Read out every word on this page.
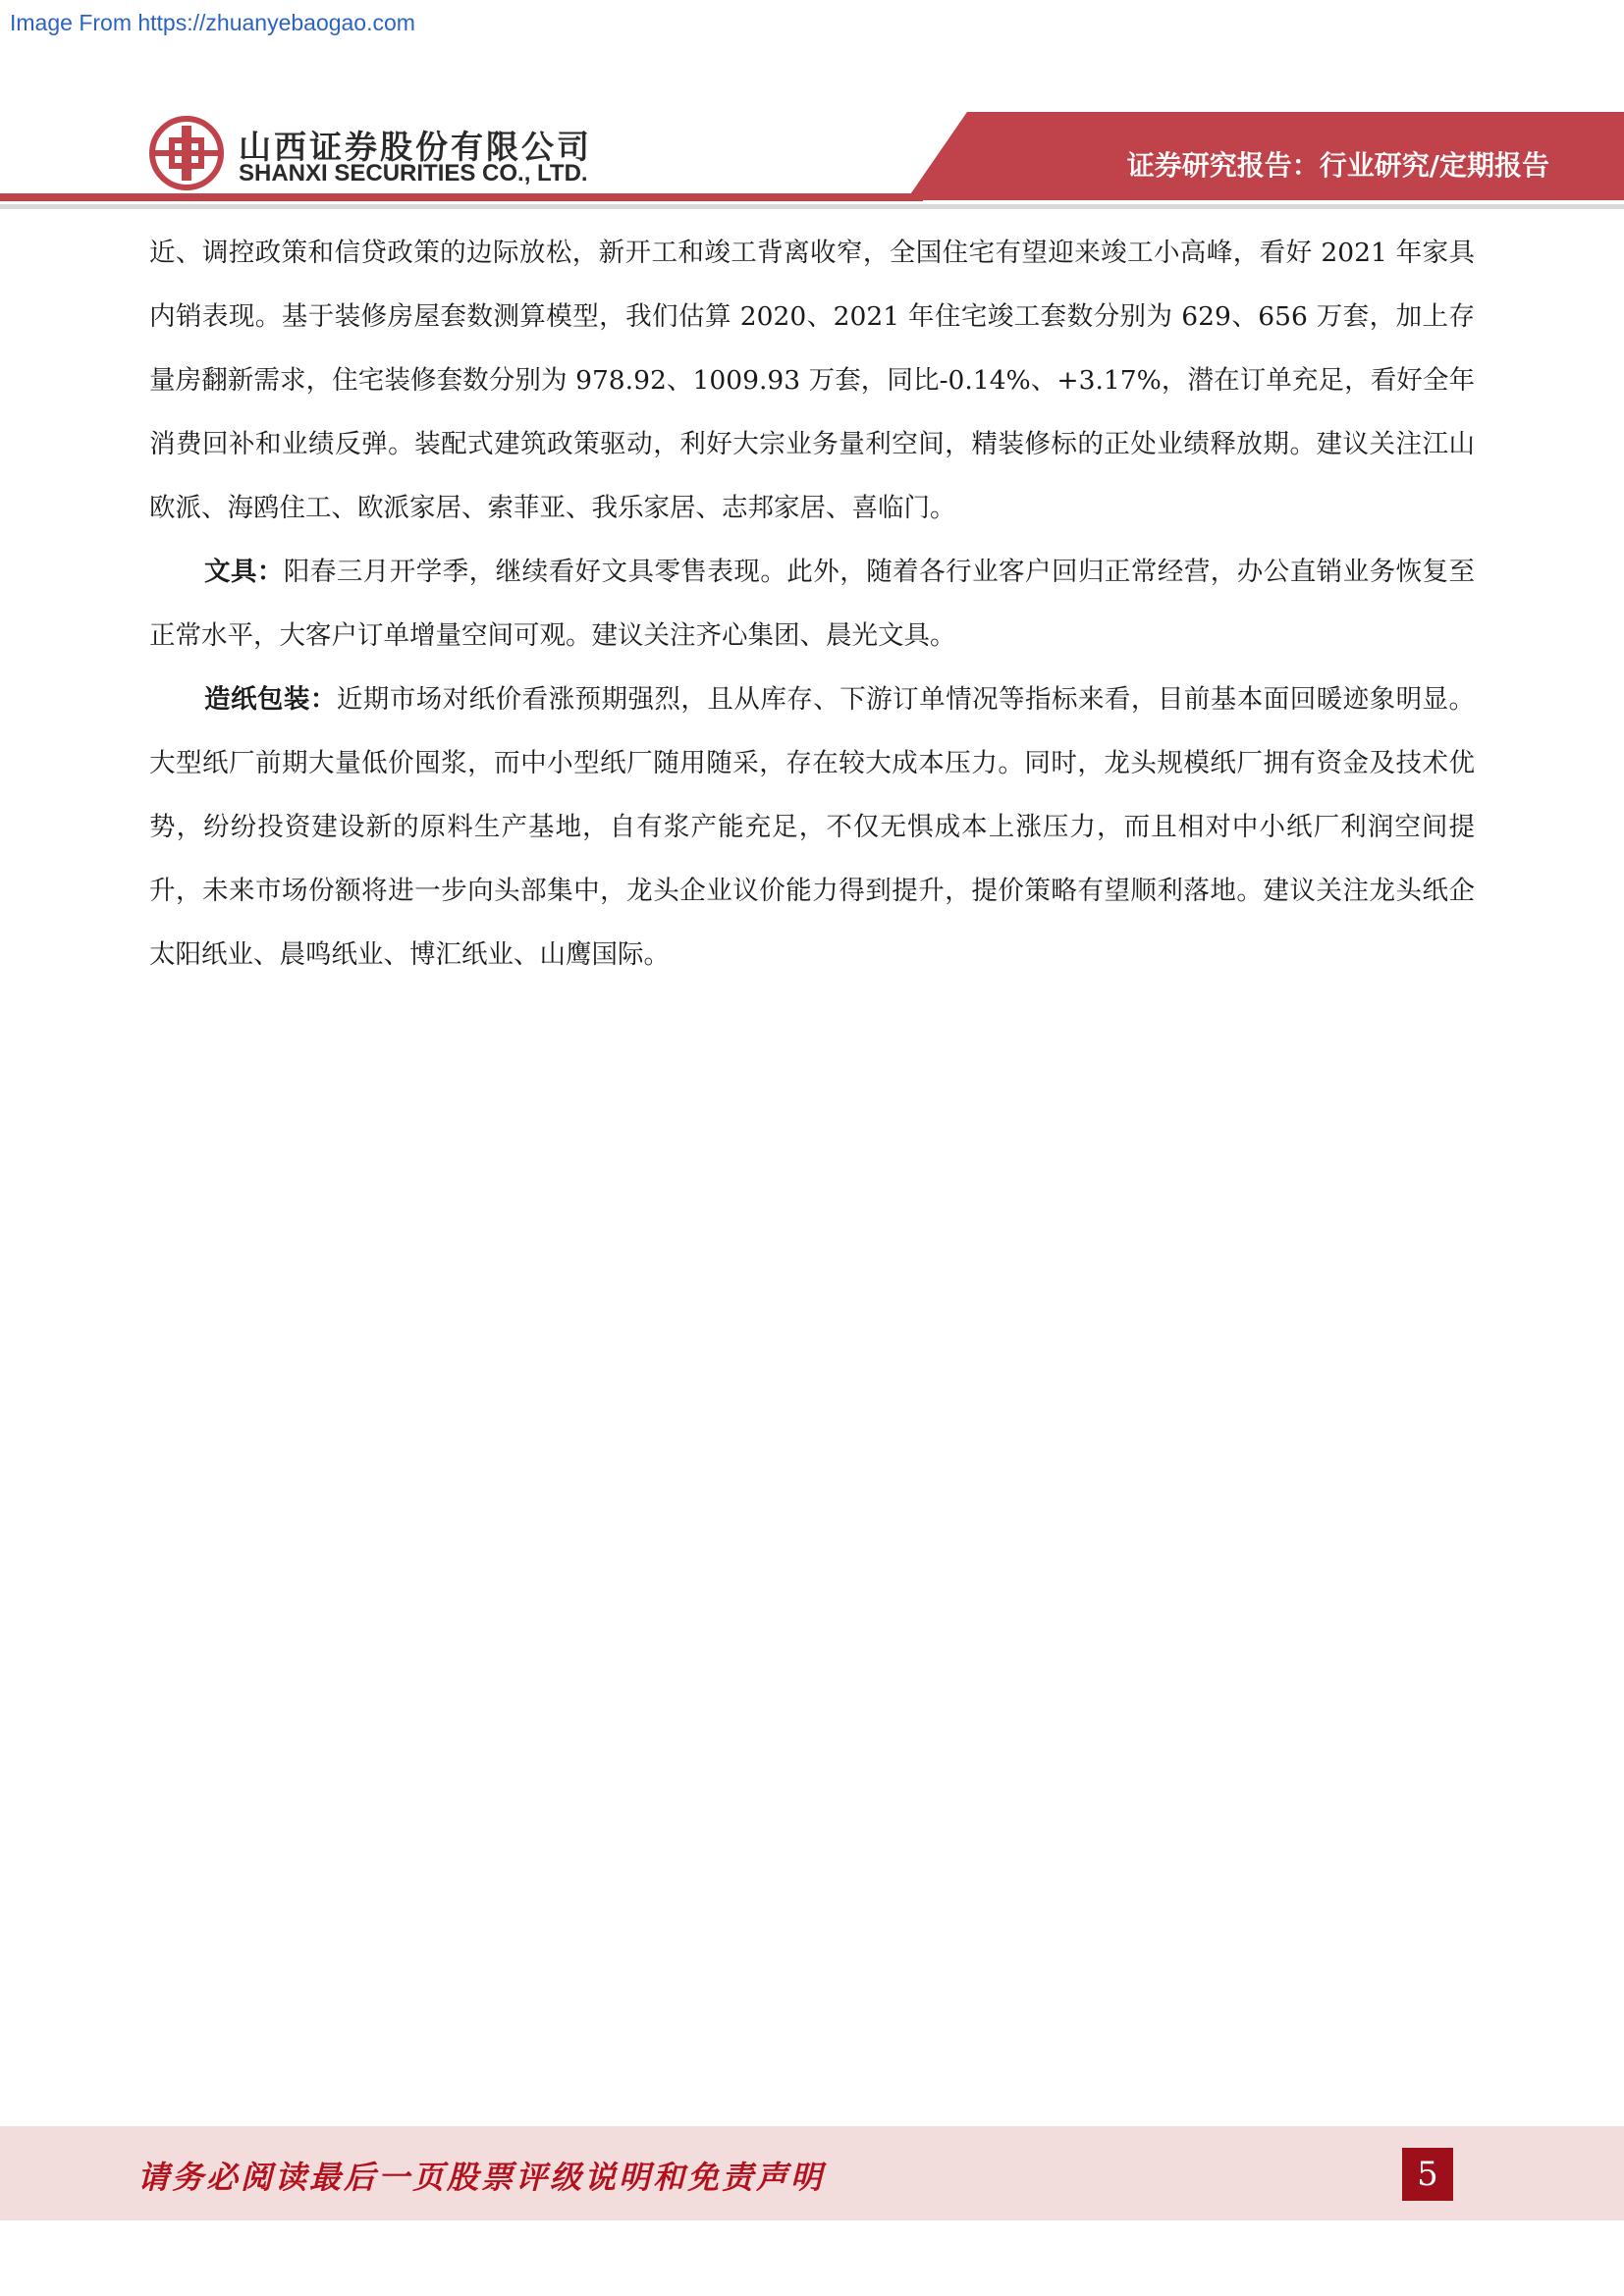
Image From https://zhuanyebaogao.com
山西证券股份有限公司
SHANXI SECURITIES CO., LTD.	证券研究报告：行业研究/定期报告

近、调控政策和信贷政策的边际放松，新开工和竣工背离收窄，全国住宅有望迎来竣工小高峰，看好 2021 年家具内销表现。基于装修房屋套数测算模型，我们估算 2020、2021 年住宅竣工套数分别为 629、656 万套，加上存量房翻新需求，住宅装修套数分别为 978.92、1009.93 万套，同比-0.14%、+3.17%，潜在订单充足，看好全年消费回补和业绩反弹。装配式建筑政策驱动，利好大宗业务量利空间，精装修标的正处业绩释放期。建议关注江山欧派、海鸥住工、欧派家居、索菲亚、我乐家居、志邦家居、喜临门。

文具：阳春三月开学季，继续看好文具零售表现。此外，随着各行业客户回归正常经营，办公直销业务恢复至正常水平，大客户订单增量空间可观。建议关注齐心集团、晨光文具。

造纸包装：近期市场对纸价看涨预期强烈，且从库存、下游订单情况等指标来看，目前基本面回暖迹象明显。大型纸厂前期大量低价囤浆，而中小型纸厂随用随采，存在较大成本压力。同时，龙头规模纸厂拥有资金及技术优势，纷纷投资建设新的原料生产基地，自有浆产能充足，不仅无惧成本上涨压力，而且相对中小纸厂利润空间提升，未来市场份额将进一步向头部集中，龙头企业议价能力得到提升，提价策略有望顺利落地。建议关注龙头纸企太阳纸业、晨鸣纸业、博汇纸业、山鹰国际。

请务必阅读最后一页股票评级说明和免责声明	5
